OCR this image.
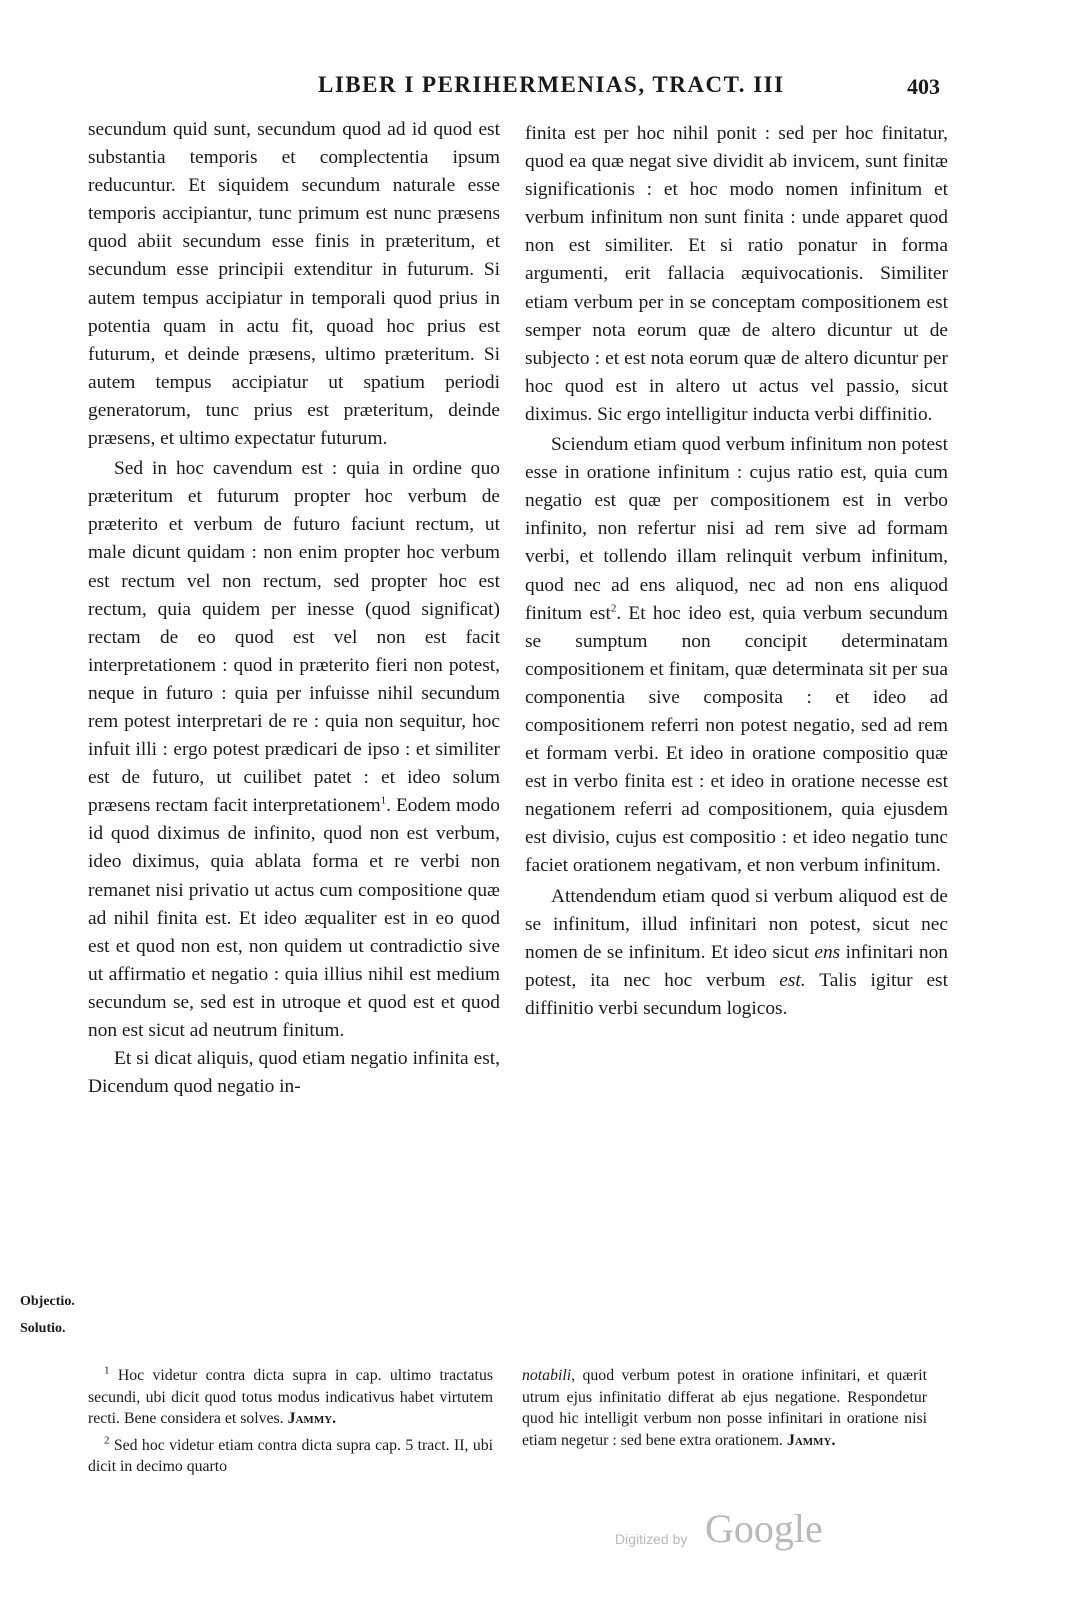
LIBER I PERIHERMENIAS, TRACT. III	403

secundum quid sunt, secundum quod ad id quod est substantia temporis et complectentia ipsum reducuntur. Et siquidem secundum naturale esse temporis accipiantur, tunc primum est nunc præsens quod abiit secundum esse finis in præteritum, et secundum esse principii extenditur in futurum. Si autem tempus accipiatur in temporali quod prius in potentia quam in actu fit, quoad hoc prius est futurum, et deinde præsens, ultimo præteritum. Si autem tempus accipiatur ut spatium periodi generatorum, tunc prius est præteritum, deinde præsens, et ultimo expectatur futurum.

Sed in hoc cavendum est : quia in ordine quo præteritum et futurum propter hoc verbum de præterito et verbum de futuro faciunt rectum, ut male dicunt quidam : non enim propter hoc verbum est rectum vel non rectum, sed propter hoc est rectum, quia quidem per inesse (quod significat) rectam de eo quod est vel non est facit interpretationem : quod in præterito fieri non potest, neque in futuro : quia per infuisse nihil secundum rem potest interpretari de re : quia non sequitur, hoc infuit illi : ergo potest prædicari de ipso : et similiter est de futuro, ut cuilibet patet : et ideo solum præsens rectam facit interpretationem$^1$. Eodem modo id quod diximus de infinito, quod non est verbum, ideo diximus, quia ablata forma et re verbi non remanet nisi privatio ut actus cum compositione quæ ad nihil finita est. Et ideo æqualiter est in eo quod est et quod non est, non quidem ut contradictio sive ut affirmatio et negatio : quia illius nihil est medium secundum se, sed est in utroque et quod est et quod non est sicut ad neutrum finitum.

Et si dicat aliquis, quod etiam negatio infinita est, Dicendum quod negatio in-

Objectio.
Solutio.

finita est per hoc nihil ponit : sed per hoc finitatur, quod ea quæ negat sive dividit ab invicem, sunt finitæ significationis : et hoc modo nomen infinitum et verbum infinitum non sunt finita : unde apparet quod non est similiter. Et si ratio ponatur in forma argumenti, erit fallacia æquivocationis. Similiter etiam verbum per in se conceptam compositionem est semper nota eorum quæ de altero dicuntur ut de subjecto : et est nota eorum quæ de altero dicuntur per hoc quod est in altero ut actus vel passio, sicut diximus. Sic ergo intelligitur inducta verbi diffinitio.

Sciendum etiam quod verbum infinitum non potest esse in oratione infinitum : cujus ratio est, quia cum negatio est quæ per compositionem est in verbo infinito, non refertur nisi ad rem sive ad formam verbi, et tollendo illam relinquit verbum infinitum, quod nec ad ens aliquod, nec ad non ens aliquod finitum est$^2$. Et hoc ideo est, quia verbum secundum se sumptum non concipit determinatam compositionem et finitam, quæ determinata sit per sua componentia sive composita : et ideo ad compositionem referri non potest negatio, sed ad rem et formam verbi. Et ideo in oratione compositio quæ est in verbo finita est : et ideo in oratione necesse est negationem referri ad compositionem, quia ejusdem est divisio, cujus est compositio : et ideo negatio tunc faciet orationem negativam, et non verbum infinitum.

Attendendum etiam quod si verbum aliquod est de se infinitum, illud infinitari non potest, sicut nec nomen de se infinitum. Et ideo sicut ens infinitari non potest, ita nec hoc verbum est. Talis igitur est diffinitio verbi secundum logicos.

$^1$ Hoc videtur contra dicta supra in cap. ultimo tractatus secundi, ubi dicit quod totus modus indicativus habet virtutem recti. Bene considera et solves. Jammy.

$^2$ Sed hoc videtur etiam contra dicta supra cap. 5 tract. II, ubi dicit in decimo quarto

notabili, quod verbum potest in oratione infinitari, et quærit utrum ejus infinitatio differat ab ejus negatione. Respondetur quod hic intelligit verbum non posse infinitari in oratione nisi etiam negetur : sed bene extra orationem. Jammy.

Digitized by Google
